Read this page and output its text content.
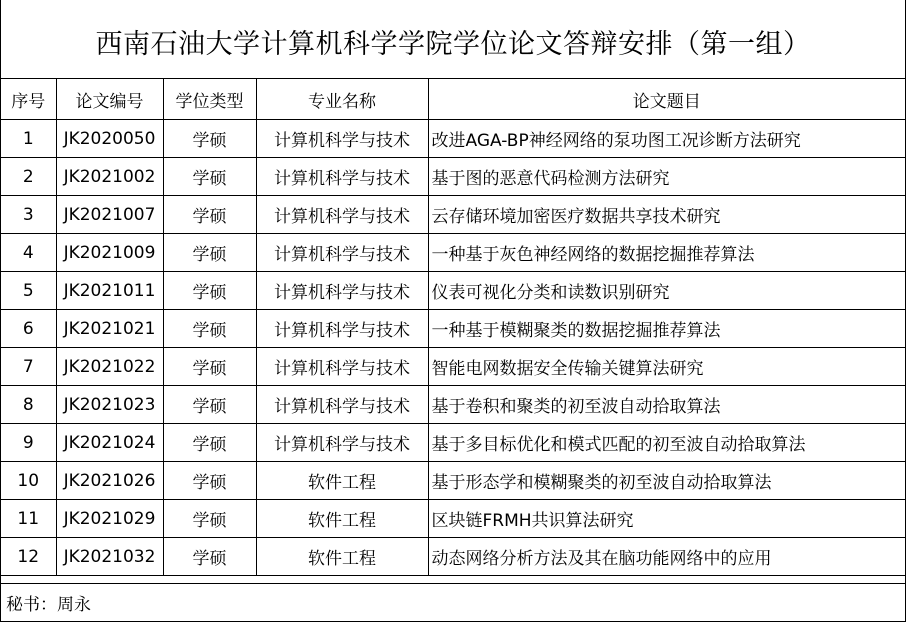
西南石油大学计算机科学学院学位论文答辩安排（第一组）
序号	论文编号	学位类型	专业名称	论文题目
1	JK2020050	学硕	计算机科学与技术	改进AGA-BP神经网络的泵功图工况诊断方法研究
2	JK2021002	学硕	计算机科学与技术	基于图的恶意代码检测方法研究
3	JK2021007	学硕	计算机科学与技术	云存储环境加密医疗数据共享技术研究
4	JK2021009	学硕	计算机科学与技术	一种基于灰色神经网络的数据挖掘推荐算法
5	JK2021011	学硕	计算机科学与技术	仪表可视化分类和读数识别研究
6	JK2021021	学硕	计算机科学与技术	一种基于模糊聚类的数据挖掘推荐算法
7	JK2021022	学硕	计算机科学与技术	智能电网数据安全传输关键算法研究
8	JK2021023	学硕	计算机科学与技术	基于卷积和聚类的初至波自动拾取算法
9	JK2021024	学硕	计算机科学与技术	基于多目标优化和模式匹配的初至波自动拾取算法
10	JK2021026	学硕	软件工程	基于形态学和模糊聚类的初至波自动拾取算法
11	JK2021029	学硕	软件工程	区块链FRMH共识算法研究
12	JK2021032	学硕	软件工程	动态网络分析方法及其在脑功能网络中的应用
秘书：周永
